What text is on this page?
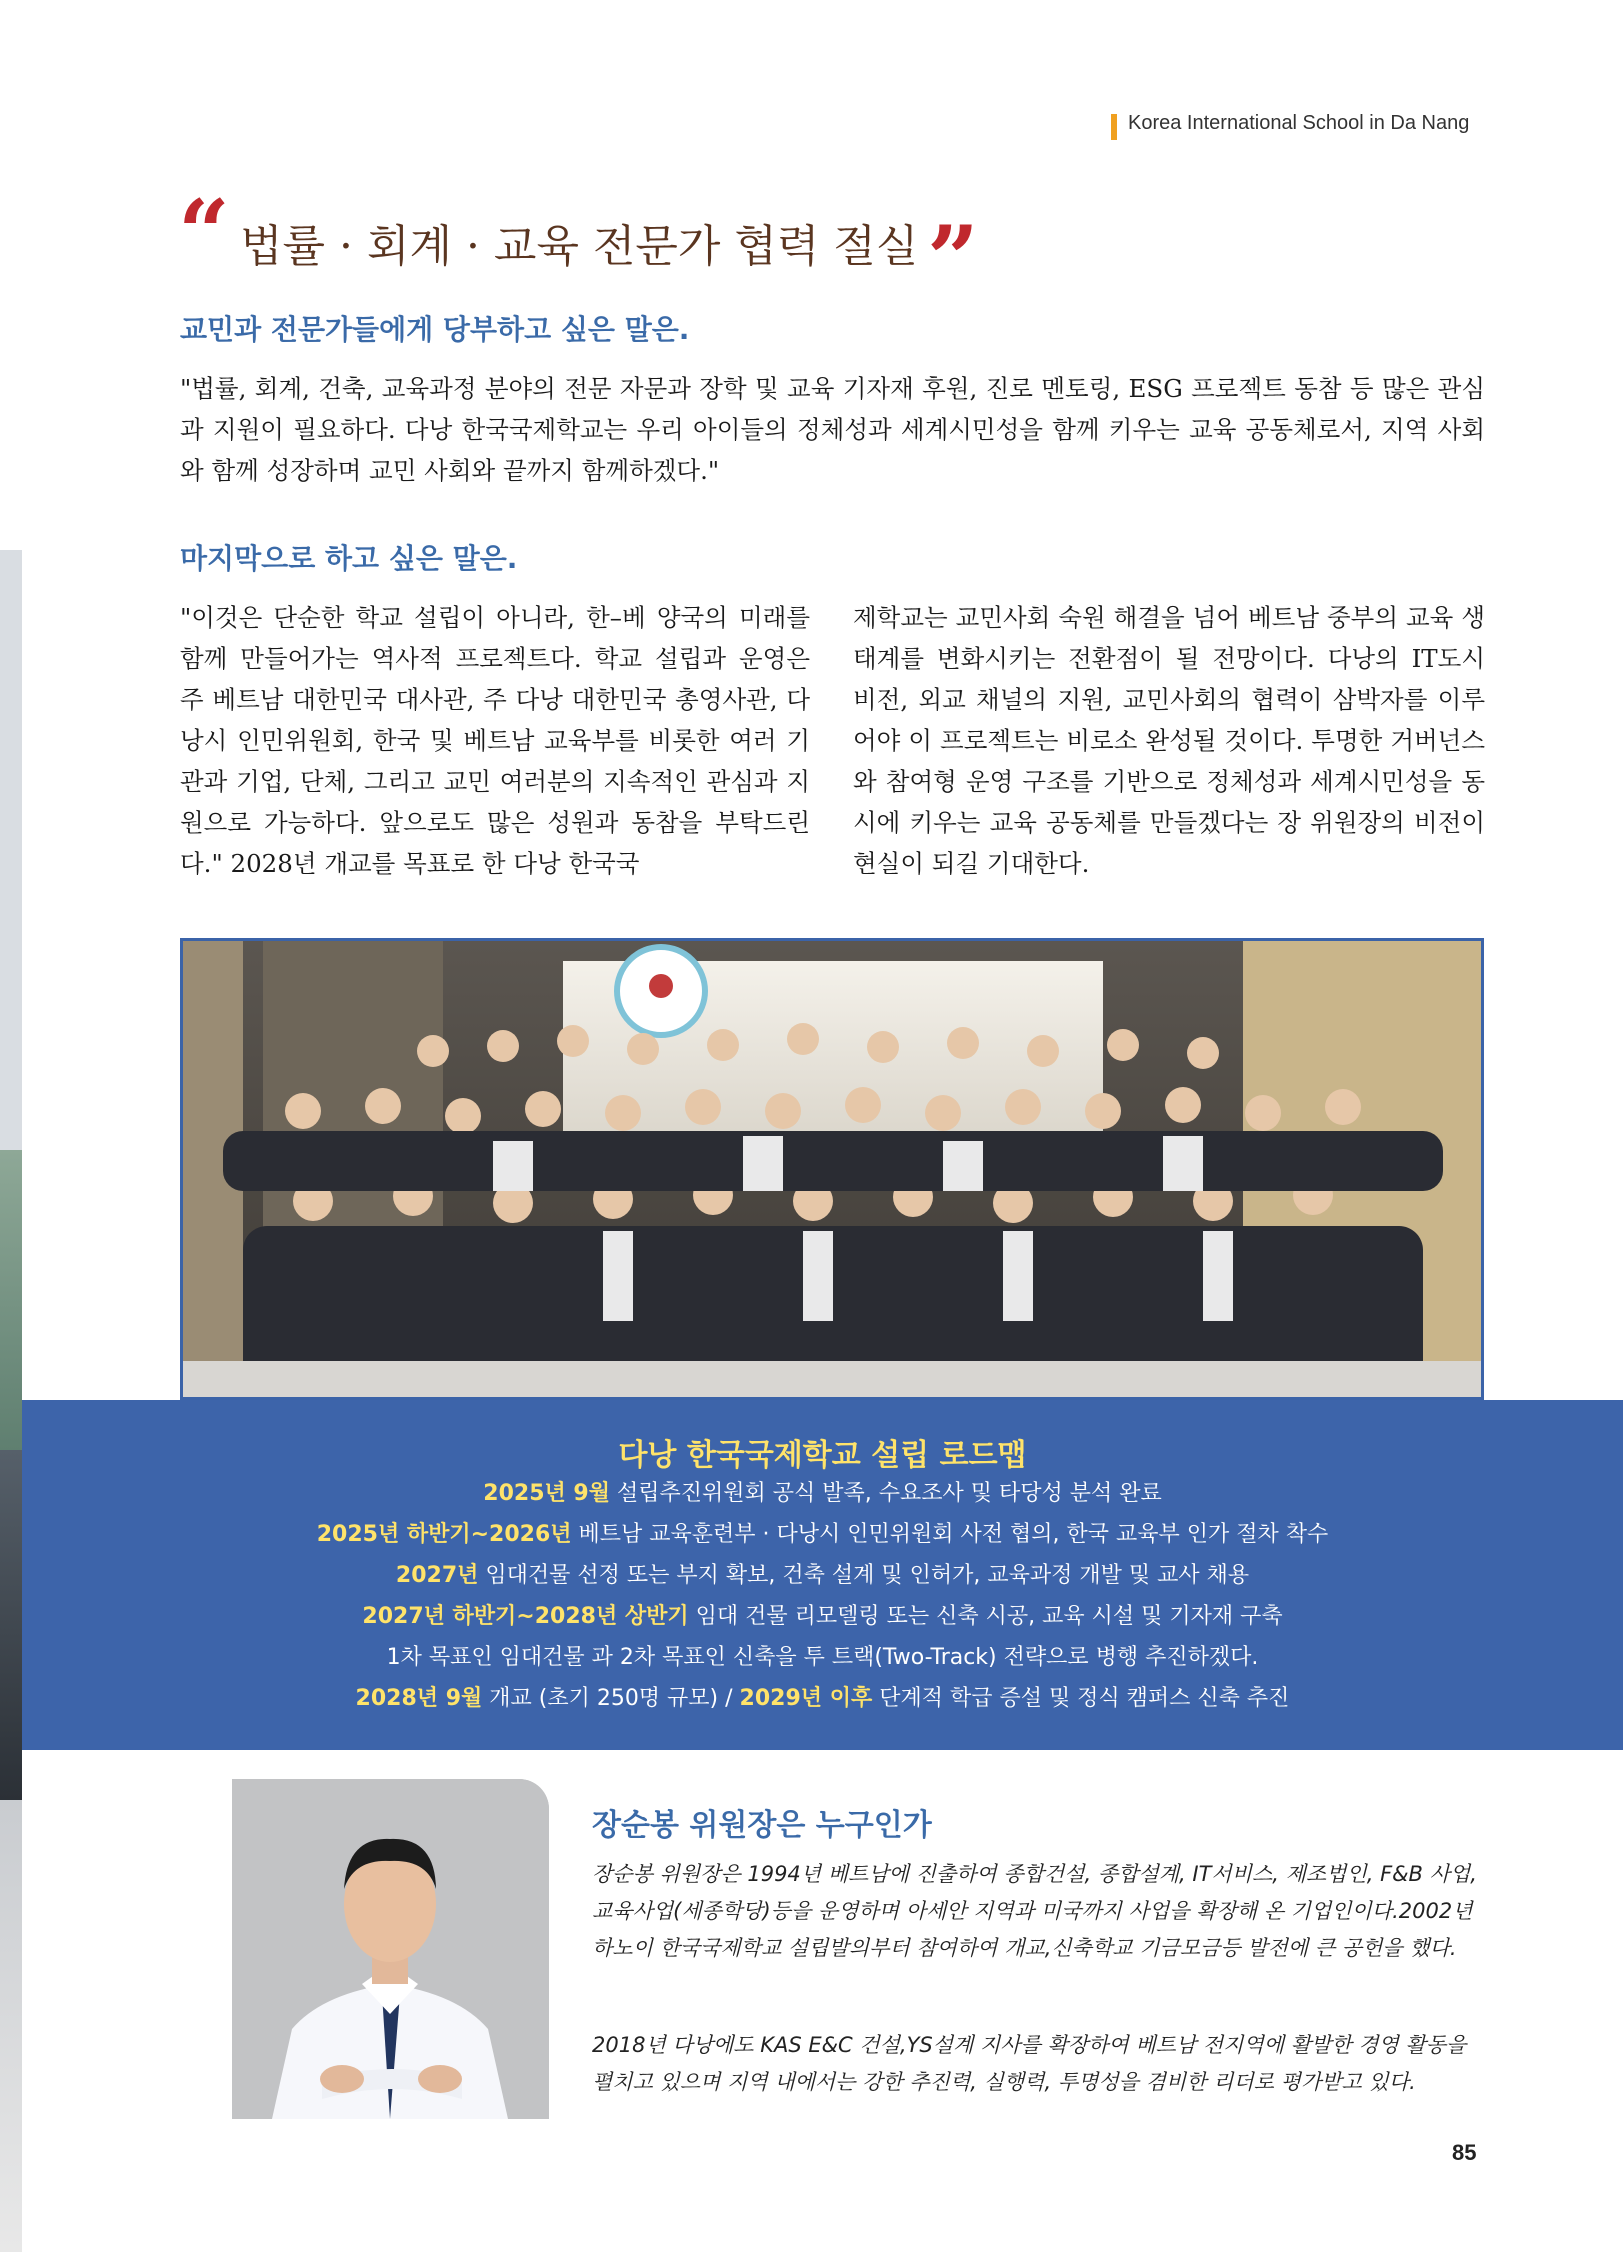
Korea International School in Da Nang
“ 법률 · 회계 · 교육 전문가 협력 절실 ”
교민과 전문가들에게 당부하고 싶은 말은.
"법률, 회계, 건축, 교육과정 분야의 전문 자문과 장학 및 교육 기자재 후원, 진로 멘토링, ESG 프로젝트 동참 등 많은 관심과 지원이 필요하다. 다낭 한국국제학교는 우리 아이들의 정체성과 세계시민성을 함께 키우는 교육 공동체로서, 지역 사회와 함께 성장하며 교민 사회와 끝까지 함께하겠다."
마지막으로 하고 싶은 말은.
"이것은 단순한 학교 설립이 아니라, 한–베 양국의 미래를 함께 만들어가는 역사적 프로젝트다. 학교 설립과 운영은 주 베트남 대한민국 대사관, 주 다낭 대한민국 총영사관, 다낭시 인민위원회, 한국 및 베트남 교육부를 비롯한 여러 기관과 기업, 단체, 그리고 교민 여러분의 지속적인 관심과 지원으로 가능하다. 앞으로도 많은 성원과 동참을 부탁드린다." 2028년 개교를 목표로 한 다낭 한국국
제학교는 교민사회 숙원 해결을 넘어 베트남 중부의 교육 생태계를 변화시키는 전환점이 될 전망이다. 다낭의 IT도시 비전, 외교 채널의 지원, 교민사회의 협력이 삼박자를 이루어야 이 프로젝트는 비로소 완성될 것이다. 투명한 거버넌스와 참여형 운영 구조를 기반으로 정체성과 세계시민성을 동시에 키우는 교육 공동체를 만들겠다는 장 위원장의 비전이 현실이 되길 기대한다.
다낭 한국국제학교 설립 로드맵
2025년 9월 설립추진위원회 공식 발족, 수요조사 및 타당성 분석 완료
2025년 하반기~2026년 베트남 교육훈련부 · 다낭시 인민위원회 사전 협의, 한국 교육부 인가 절차 착수
2027년 임대건물 선정 또는 부지 확보, 건축 설계 및 인허가, 교육과정 개발 및 교사 채용
2027년 하반기~2028년 상반기 임대 건물 리모델링 또는 신축 시공, 교육 시설 및 기자재 구축
1차 목표인 임대건물 과 2차 목표인 신축을 투 트랙(Two-Track) 전략으로 병행 추진하겠다.
2028년 9월 개교 (초기 250명 규모) / 2029년 이후 단계적 학급 증설 및 정식 캠퍼스 신축 추진
장순봉 위원장은 누구인가
장순봉 위원장은 1994년 베트남에 진출하여 종합건설, 종합설계, IT서비스, 제조법인, F&B 사업, 교육사업(세종학당)등을 운영하며 아세안 지역과 미국까지 사업을 확장해 온 기업인이다.2002년 하노이 한국국제학교 설립발의부터 참여하여 개교,신축학교 기금모금등 발전에 큰 공헌을 했다.
2018년 다낭에도 KAS E&C 건설,YS설계 지사를 확장하여 베트남 전지역에 활발한 경영 활동을 펼치고 있으며 지역 내에서는 강한 추진력, 실행력, 투명성을 겸비한 리더로 평가받고 있다.
85
